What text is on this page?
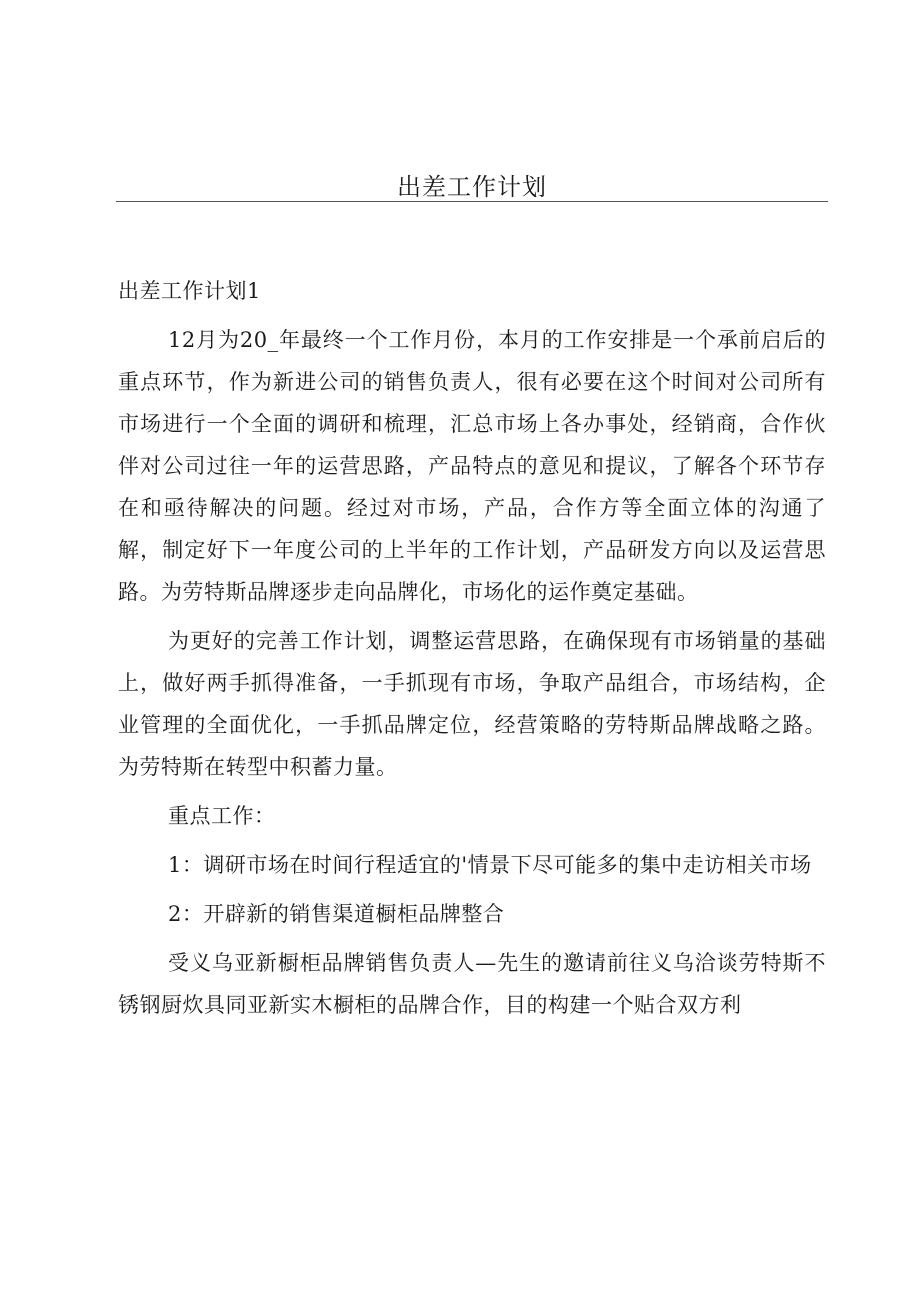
出差工作计划

出差工作计划1

12月为20_年最终一个工作月份，本月的工作安排是一个承前启后的重点环节，作为新进公司的销售负责人，很有必要在这个时间对公司所有市场进行一个全面的调研和梳理，汇总市场上各办事处，经销商，合作伙伴对公司过往一年的运营思路，产品特点的意见和提议，了解各个环节存在和亟待解决的问题。经过对市场，产品，合作方等全面立体的沟通了解，制定好下一年度公司的上半年的工作计划，产品研发方向以及运营思路。为劳特斯品牌逐步走向品牌化，市场化的运作奠定基础。

为更好的完善工作计划，调整运营思路，在确保现有市场销量的基础上，做好两手抓得准备，一手抓现有市场，争取产品组合，市场结构，企业管理的全面优化，一手抓品牌定位，经营策略的劳特斯品牌战略之路。为劳特斯在转型中积蓄力量。

重点工作：

1：调研市场在时间行程适宜的'情景下尽可能多的集中走访相关市场

2：开辟新的销售渠道橱柜品牌整合

受义乌亚新橱柜品牌销售负责人—先生的邀请前往义乌洽谈劳特斯不锈钢厨炊具同亚新实木橱柜的品牌合作，目的构建一个贴合双方利
